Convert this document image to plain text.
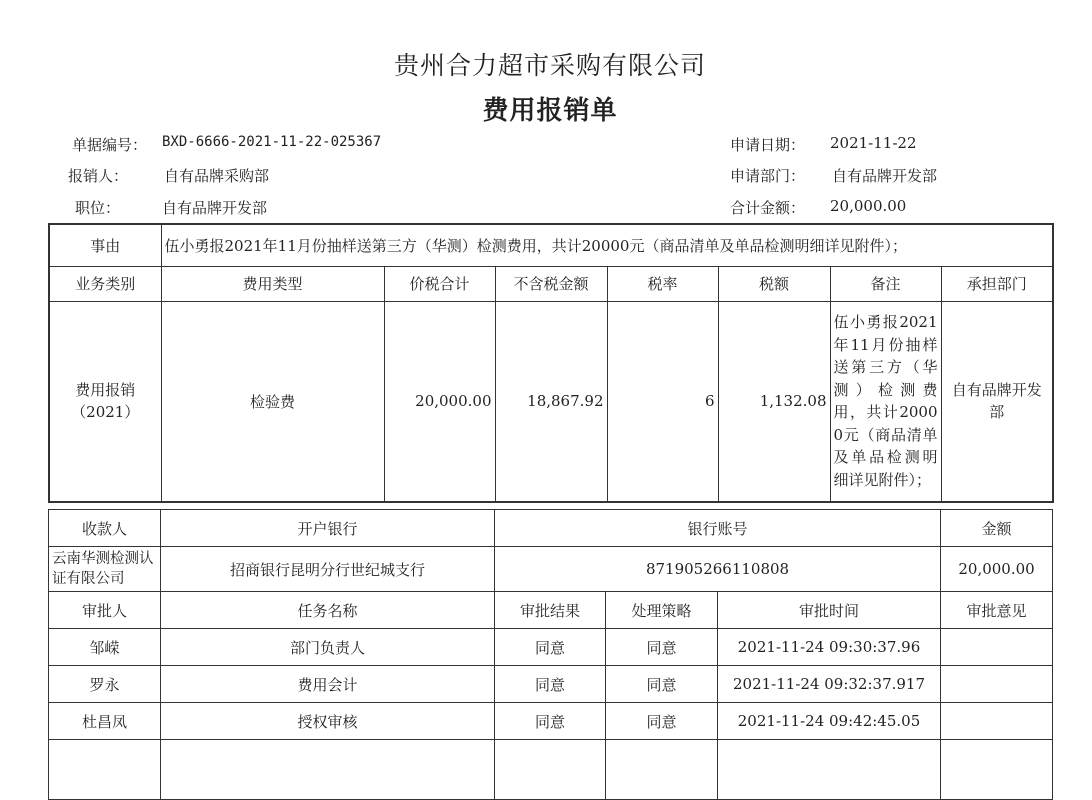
贵州合力超市采购有限公司
费用报销单
单据编号： BXD-6666-2021-11-22-025367
报销人： 自有品牌采购部
职位：	自有品牌开发部
申请日期： 2021-11-22
申请部门： 自有品牌开发部
合计金额： 20,000.00
事由	伍小勇报2021年11月份抽样送第三方（华测）检测费用，共计20000元（商品清单及单品检测明细详见附件）；						
业务类别	费用类型	价税合计	不含税金额	税率	税额	备注	承担部门
费用报销（2021）	检验费	20,000.00	18,867.92	6	1,132.08	伍小勇报2021年11月份抽样送第三方（华测）检测费用，共计20000元（商品清单及单品检测明细详见附件）；	自有品牌开发部
收款人	开户银行	银行账号			金额
云南华测检测认证有限公司	招商银行昆明分行世纪城支行	871905266110808			20,000.00
审批人	任务名称	审批结果	处理策略	审批时间	审批意见
邹嵘	部门负责人	同意	同意	2021-11-24 09:30:37.96	
罗永	费用会计	同意	同意	2021-11-24 09:32:37.917	
杜昌凤	授权审核	同意	同意	2021-11-24 09:42:45.05	
